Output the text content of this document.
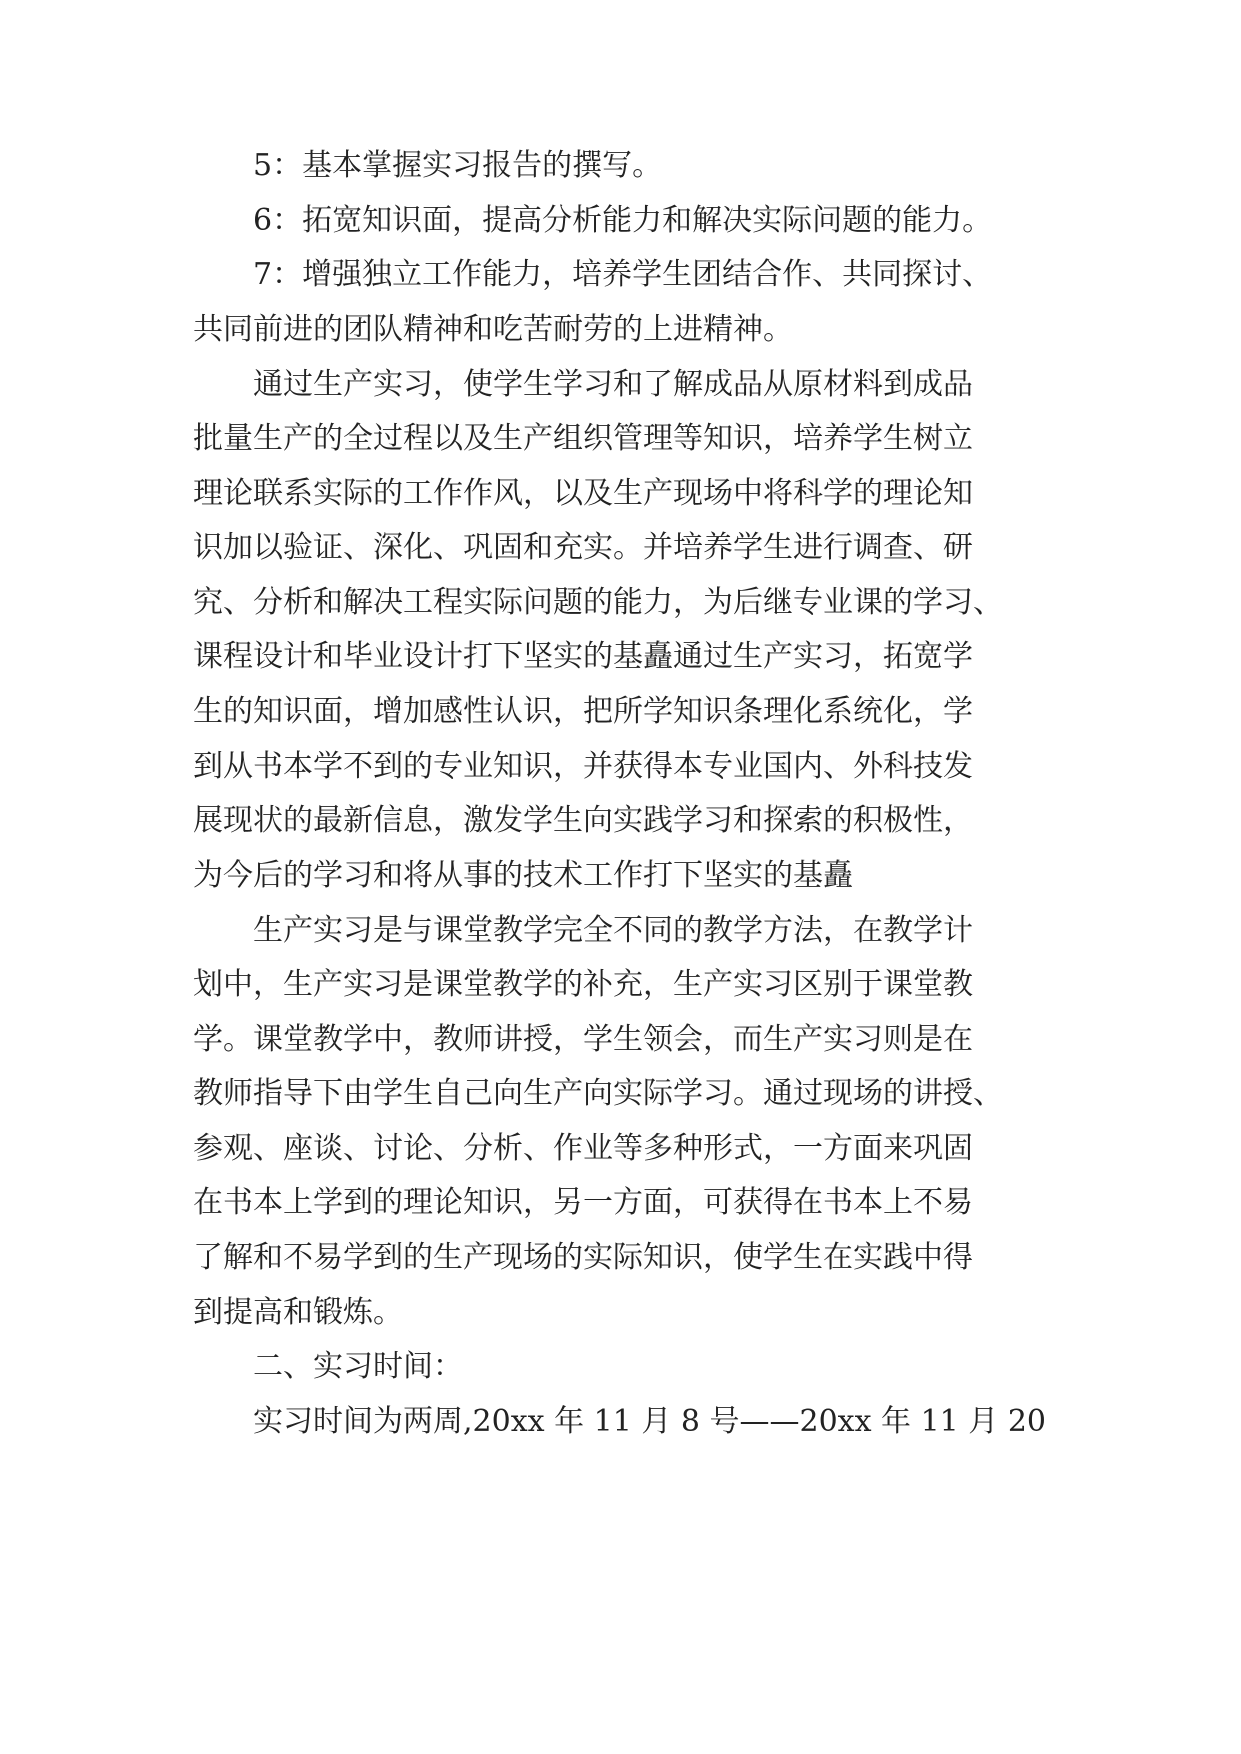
5：基本掌握实习报告的撰写。
6：拓宽知识面，提高分析能力和解决实际问题的能力。
7：增强独立工作能力，培养学生团结合作、共同探讨、
共同前进的团队精神和吃苦耐劳的上进精神。
通过生产实习，使学生学习和了解成品从原材料到成品
批量生产的全过程以及生产组织管理等知识，培养学生树立
理论联系实际的工作作风，以及生产现场中将科学的理论知
识加以验证、深化、巩固和充实。并培养学生进行调查、研
究、分析和解决工程实际问题的能力，为后继专业课的学习、
课程设计和毕业设计打下坚实的基矗通过生产实习，拓宽学
生的知识面，增加感性认识，把所学知识条理化系统化，学
到从书本学不到的专业知识，并获得本专业国内、外科技发
展现状的最新信息，激发学生向实践学习和探索的积极性，
为今后的学习和将从事的技术工作打下坚实的基矗
生产实习是与课堂教学完全不同的教学方法，在教学计
划中，生产实习是课堂教学的补充，生产实习区别于课堂教
学。课堂教学中，教师讲授，学生领会，而生产实习则是在
教师指导下由学生自己向生产向实际学习。通过现场的讲授、
参观、座谈、讨论、分析、作业等多种形式，一方面来巩固
在书本上学到的理论知识，另一方面，可获得在书本上不易
了解和不易学到的生产现场的实际知识，使学生在实践中得
到提高和锻炼。
二、实习时间：
实习时间为两周,20xx 年 11 月 8 号——20xx 年 11 月 20
